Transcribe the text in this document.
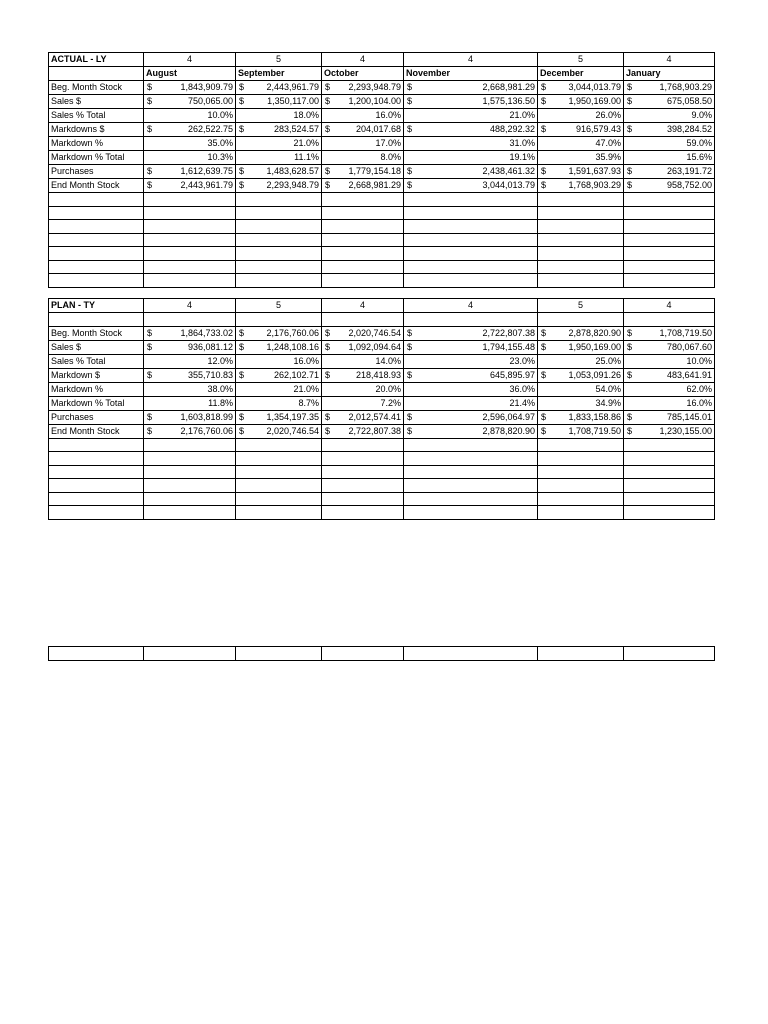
ACTUAL - LY	4	5	4	4	5	4
	August	September	October	November	December	January
Beg. Month Stock	$ 1,843,909.79	$ 2,443,961.79	$ 2,293,948.79	$ 2,668,981.29	$ 3,044,013.79	$ 1,768,903.29
Sales $	$ 750,065.00	$ 1,350,117.00	$ 1,200,104.00	$ 1,575,136.50	$ 1,950,169.00	$ 675,058.50
Sales % Total	10.0%	18.0%	16.0%	21.0%	26.0%	9.0%
Markdowns $	$ 262,522.75	$ 283,524.57	$ 204,017.68	$ 488,292.32	$ 916,579.43	$ 398,284.52
Markdown %	35.0%	21.0%	17.0%	31.0%	47.0%	59.0%
Markdown % Total	10.3%	11.1%	8.0%	19.1%	35.9%	15.6%
Purchases	$ 1,612,639.75	$ 1,483,628.57	$ 1,779,154.18	$ 2,438,461.32	$ 1,591,637.93	$ 263,191.72
End Month Stock	$ 2,443,961.79	$ 2,293,948.79	$ 2,668,981.29	$ 3,044,013.79	$ 1,768,903.29	$ 958,752.00

PLAN - TY	4	5	4	4	5	4

Beg. Month Stock	$ 1,864,733.02	$ 2,176,760.06	$ 2,020,746.54	$ 2,722,807.38	$ 2,878,820.90	$ 1,708,719.50
Sales $	$ 936,081.12	$ 1,248,108.16	$ 1,092,094.64	$ 1,794,155.48	$ 1,950,169.00	$ 780,067.60
Sales % Total	12.0%	16.0%	14.0%	23.0%	25.0%	10.0%
Markdown $	$ 355,710.83	$ 262,102.71	$ 218,418.93	$ 645,895.97	$ 1,053,091.26	$ 483,641.91
Markdown %	38.0%	21.0%	20.0%	36.0%	54.0%	62.0%
Markdown % Total	11.8%	8.7%	7.2%	21.4%	34.9%	16.0%
Purchases	$ 1,603,818.99	$ 1,354,197.35	$ 2,012,574.41	$ 2,596,064.97	$ 1,833,158.86	$ 785,145.01
End Month Stock	$ 2,176,760.06	$ 2,020,746.54	$ 2,722,807.38	$ 2,878,820.90	$ 1,708,719.50	$ 1,230,155.00
